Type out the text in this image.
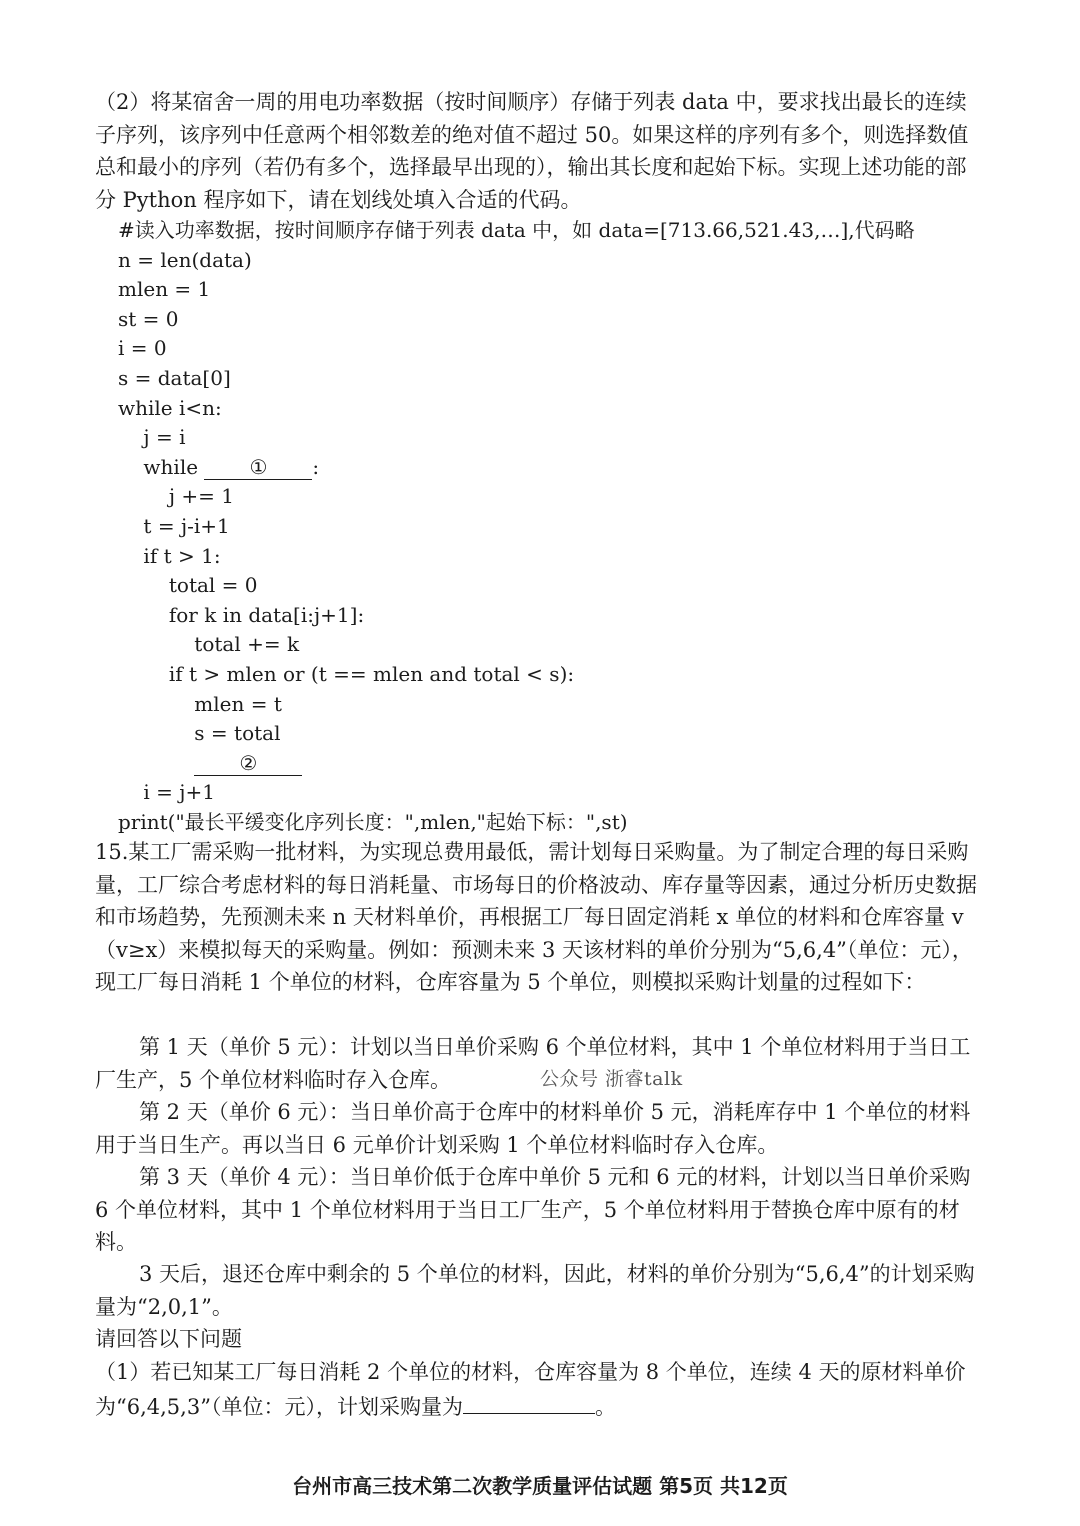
（2）将某宿舍一周的用电功率数据（按时间顺序）存储于列表 data 中，要求找出最长的连续子序列，该序列中任意两个相邻数差的绝对值不超过 50。如果这样的序列有多个，则选择数值总和最小的序列（若仍有多个，选择最早出现的），输出其长度和起始下标。实现上述功能的部分 Python 程序如下，请在划线处填入合适的代码。

#读入功率数据，按时间顺序存储于列表 data 中，如 data=[713.66,521.43,…],代码略
n = len(data)
mlen = 1
st = 0
i = 0
s = data[0]
while i<n:
j = i
while ① :
j += 1
t = j-i+1
if t > 1:
total = 0
for k in data[i:j+1]:
total += k
if t > mlen or (t == mlen and total < s):
mlen = t
s = total
②
i = j+1
print("最长平缓变化序列长度：",mlen,"起始下标：",st)

15.某工厂需采购一批材料，为实现总费用最低，需计划每日采购量。为了制定合理的每日采购量，工厂综合考虑材料的每日消耗量、市场每日的价格波动、库存量等因素，通过分析历史数据和市场趋势，先预测未来 n 天材料单价，再根据工厂每日固定消耗 x 单位的材料和仓库容量 v（v≥x）来模拟每天的采购量。例如：预测未来 3 天该材料的单价分别为“5,6,4”（单位：元），现工厂每日消耗 1 个单位的材料，仓库容量为 5 个单位，则模拟采购计划量的过程如下：

第 1 天（单价 5 元）：计划以当日单价采购 6 个单位材料，其中 1 个单位材料用于当日工厂生产，5 个单位材料临时存入仓库。

第 2 天（单价 6 元）：当日单价高于仓库中的材料单价 5 元，消耗库存中 1 个单位的材料用于当日生产。再以当日 6 元单价计划采购 1 个单位材料临时存入仓库。

第 3 天（单价 4 元）：当日单价低于仓库中单价 5 元和 6 元的材料，计划以当日单价采购 6 个单位材料，其中 1 个单位材料用于当日工厂生产，5 个单位材料用于替换仓库中原有的材料。

3 天后，退还仓库中剩余的 5 个单位的材料，因此，材料的单价分别为“5,6,4”的计划采购量为“2,0,1”。

请回答以下问题

（1）若已知某工厂每日消耗 2 个单位的材料，仓库容量为 8 个单位，连续 4 天的原材料单价为“6,4,5,3”（单位：元），计划采购量为	。

公众号 浙睿talk
台州市高三技术第二次教学质量评估试题 第5页 共12页
